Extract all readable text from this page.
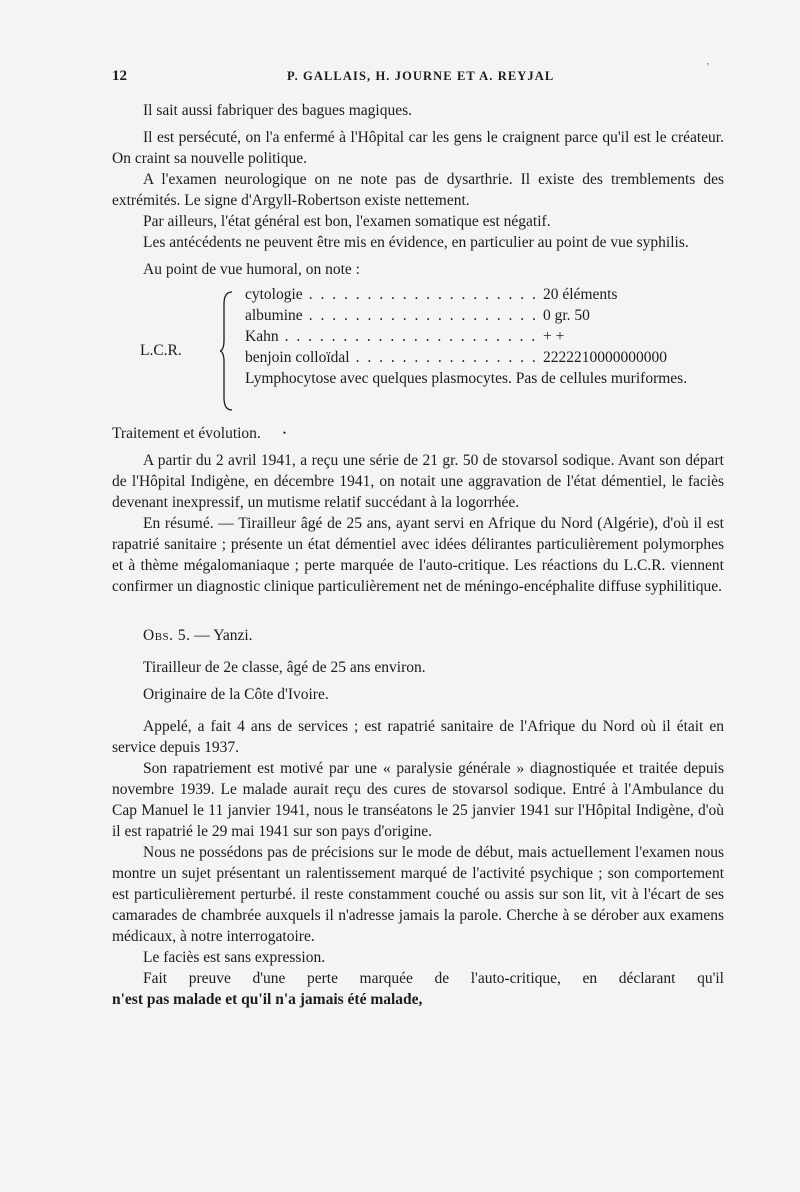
12	P. GALLAIS, H. JOURNE ET A. REYJAL
ʼ

Il sait aussi fabriquer des bagues magiques.

Il est persécuté, on l'a enfermé à l'Hôpital car les gens le craignent parce qu'il est le créateur. On craint sa nouvelle politique.

A l'examen neurologique on ne note pas de dysarthrie. Il existe des tremblements des extrémités. Le signe d'Argyll-Robertson existe nettement.

Par ailleurs, l'état général est bon, l'examen somatique est négatif.

Les antécédents ne peuvent être mis en évidence, en particulier au point de vue syphilis.

Au point de vue humoral, on note :

L.C.R.
cytologie . . .	20 éléments
albumine . . .	0 gr. 50
Kahn . . .	+ +
benjoin colloïdal . . .	2222210000000000

Lymphocytose avec quelques plasmocytes. Pas de cellules muriformes.

Traitement et évolution. •

A partir du 2 avril 1941, a reçu une série de 21 gr. 50 de stovarsol sodique. Avant son départ de l'Hôpital Indigène, en décembre 1941, on notait une aggravation de l'état démentiel, le faciès devenant inexpressif, un mutisme relatif succédant à la logorrhée.

En résumé. — Tirailleur âgé de 25 ans, ayant servi en Afrique du Nord (Algérie), d'où il est rapatrié sanitaire ; présente un état démentiel avec idées délirantes particulièrement polymorphes et à thème mégalomaniaque ; perte marquée de l'auto-critique. Les réactions du L.C.R. viennent confirmer un diagnostic clinique particulièrement net de méningo-encéphalite diffuse syphilitique.

Obs. 5. — Yanzi.

Tirailleur de 2e classe, âgé de 25 ans environ.

Originaire de la Côte d'Ivoire.

Appelé, a fait 4 ans de services ; est rapatrié sanitaire de l'Afrique du Nord où il était en service depuis 1937.

Son rapatriement est motivé par une « paralysie générale » diagnostiquée et traitée depuis novembre 1939. Le malade aurait reçu des cures de stovarsol sodique. Entré à l'Ambulance du Cap Manuel le 11 janvier 1941, nous le transéatons le 25 janvier 1941 sur l'Hôpital Indigène, d'où il est rapatrié le 29 mai 1941 sur son pays d'origine.

Nous ne possédons pas de précisions sur le mode de début, mais actuellement l'examen nous montre un sujet présentant un ralentissement marqué de l'activité psychique ; son comportement est particulièrement perturbé. il reste constamment couché ou assis sur son lit, vit à l'écart de ses camarades de chambrée auxquels il n'adresse jamais la parole. Cherche à se dérober aux examens médicaux, à notre interrogatoire.

Le faciès est sans expression.

Fait preuve d'une perte marquée de l'auto-critique, en déclarant qu'il

n'est pas malade et qu'il n'a jamais été malade,
